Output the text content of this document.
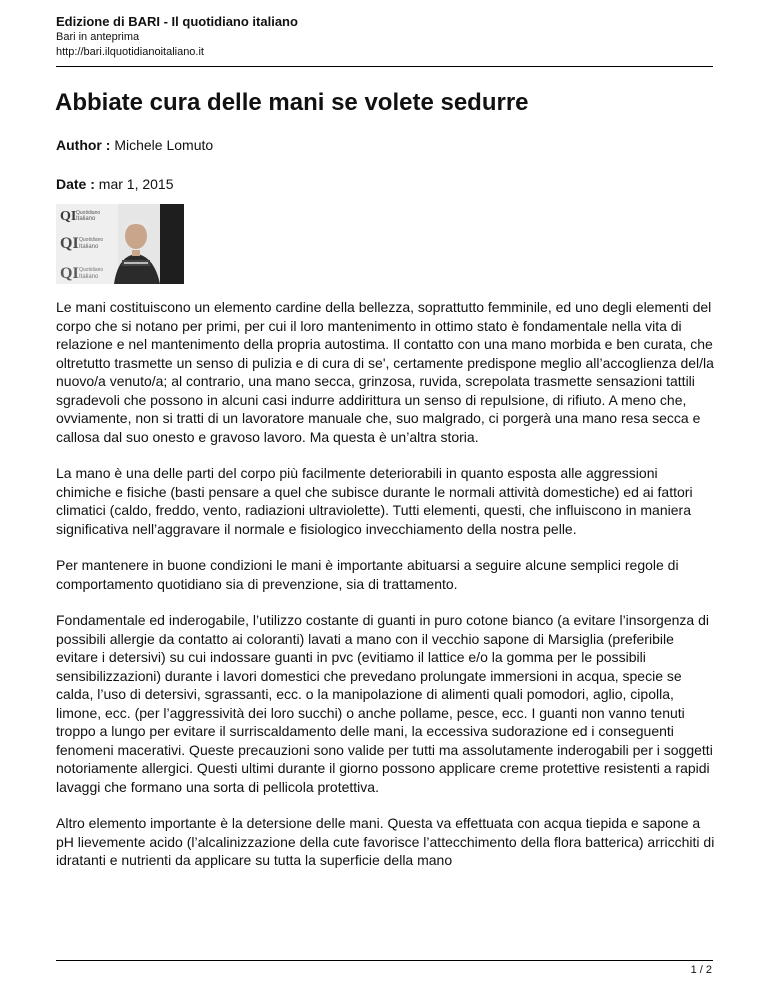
Edizione di BARI - Il quotidiano italiano
Bari in anteprima
http://bari.ilquotidianoitaliano.it
Abbiate cura delle mani se volete sedurre
Author : Michele Lomuto
Date : mar 1, 2015
QI Quotidiano
Italiano
QI Quotidiano
Italiano
QI Quotidiano
Italiano

Le mani costituiscono un elemento cardine della bellezza, soprattutto femminile, ed uno degli elementi del corpo che si notano per primi, per cui il loro mantenimento in ottimo stato è fondamentale nella vita di relazione e nel mantenimento della propria autostima. Il contatto con una mano morbida e ben curata, che oltretutto trasmette un senso di pulizia e di cura di se', certamente predispone meglio all’accoglienza del/la nuovo/a venuto/a; al contrario, una mano secca, grinzosa, ruvida, screpolata trasmette sensazioni tattili sgradevoli che possono in alcuni casi indurre addirittura un senso di repulsione, di rifiuto. A meno che, ovviamente, non si tratti di un lavoratore manuale che, suo malgrado, ci porgerà una mano resa secca e callosa dal suo onesto e gravoso lavoro. Ma questa è un’altra storia.

La mano è una delle parti del corpo più facilmente deteriorabili in quanto esposta alle aggressioni chimiche e fisiche (basti pensare a quel che subisce durante le normali attività domestiche) ed ai fattori climatici (caldo, freddo, vento, radiazioni ultraviolette). Tutti elementi, questi, che influiscono in maniera significativa nell’aggravare il normale e fisiologico invecchiamento della nostra pelle.

Per mantenere in buone condizioni le mani è importante abituarsi a seguire alcune semplici regole di comportamento quotidiano sia di prevenzione, sia di trattamento.

Fondamentale ed inderogabile, l’utilizzo costante di guanti in puro cotone bianco (a evitare l’insorgenza di possibili allergie da contatto ai coloranti) lavati a mano con il vecchio sapone di Marsiglia (preferibile evitare i detersivi) su cui indossare guanti in pvc (evitiamo il lattice e/o la gomma per le possibili sensibilizzazioni) durante i lavori domestici che prevedano prolungate immersioni in acqua, specie se calda, l’uso di detersivi, sgrassanti, ecc. o la manipolazione di alimenti quali pomodori, aglio, cipolla, limone, ecc. (per l’aggressività dei loro succhi) o anche pollame, pesce, ecc. I guanti non vanno tenuti troppo a lungo per evitare il surriscaldamento delle mani, la eccessiva sudorazione ed i conseguenti fenomeni macerativi. Queste precauzioni sono valide per tutti ma assolutamente inderogabili per i soggetti notoriamente allergici. Questi ultimi durante il giorno possono applicare creme protettive resistenti a rapidi lavaggi che formano una sorta di pellicola protettiva.

Altro elemento importante è la detersione delle mani. Questa va effettuata con acqua tiepida e sapone a pH lievemente acido (l’alcalinizzazione della cute favorisce l’attecchimento della flora batterica) arricchiti di idratanti e nutrienti da applicare su tutta la superficie della mano

1 / 2
